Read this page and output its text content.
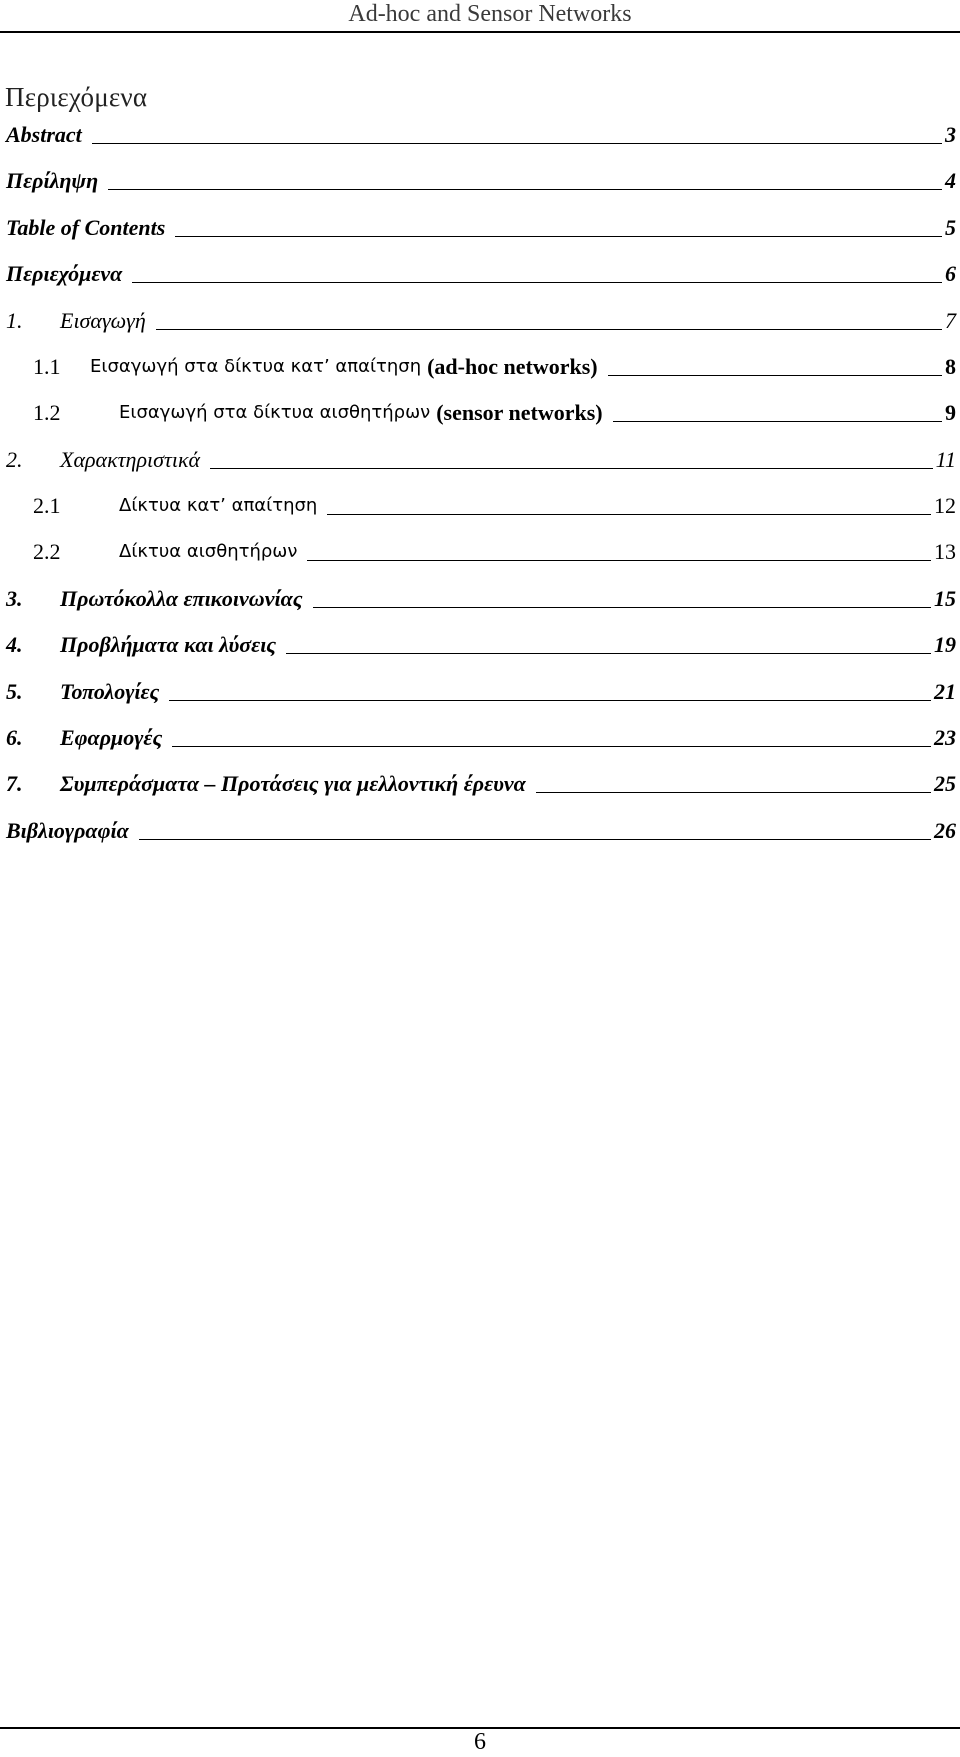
Ad-hoc and Sensor Networks
Περιεχόμενα
Abstract	3
Περίληψη	4
Table of Contents	5
Περιεχόμενα	6
1.	Εισαγωγή	7
1.1	Εισαγωγή στα δίκτυα κατ’ απαίτηση (ad-hoc networks)	8
1.2	Εισαγωγή στα δίκτυα αισθητήρων (sensor networks)	9
2.	Χαρακτηριστικά	11
2.1	Δίκτυα κατ’ απαίτηση	12
2.2	Δίκτυα αισθητήρων	13
3.	Πρωτόκολλα επικοινωνίας	15
4.	Προβλήματα και λύσεις	19
5.	Τοπολογίες	21
6.	Εφαρμογές	23
7.	Συμπεράσματα – Προτάσεις για μελλοντική έρευνα	25
Βιβλιογραφία	26
6
